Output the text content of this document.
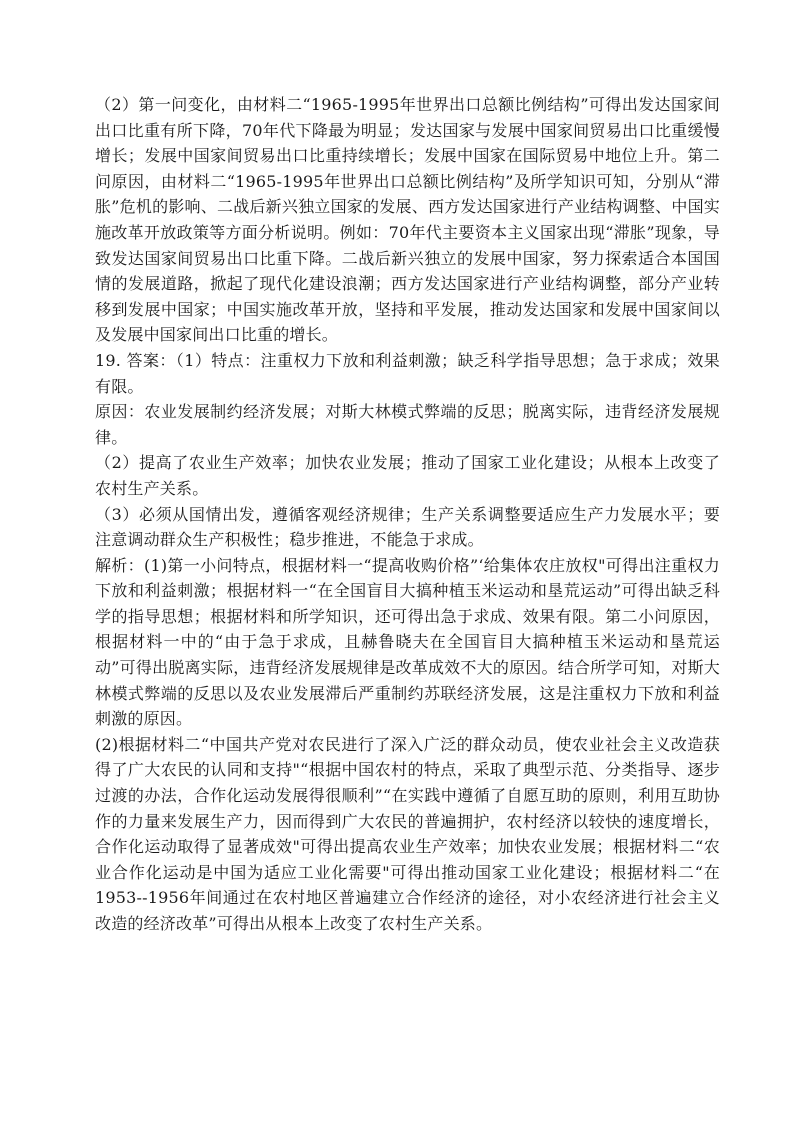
（2）第一问变化，由材料二“1965-1995年世界出口总额比例结构”可得出发达国家间出口比重有所下降，70年代下降最为明显；发达国家与发展中国家间贸易出口比重缓慢增长；发展中国家间贸易出口比重持续增长；发展中国家在国际贸易中地位上升。第二问原因，由材料二“1965-1995年世界出口总额比例结构”及所学知识可知，分别从“滞胀”危机的影响、二战后新兴独立国家的发展、西方发达国家进行产业结构调整、中国实施改革开放政策等方面分析说明。例如：70年代主要资本主义国家出现“滞胀”现象，导致发达国家间贸易出口比重下降。二战后新兴独立的发展中国家，努力探索适合本国国情的发展道路，掀起了现代化建设浪潮；西方发达国家进行产业结构调整，部分产业转移到发展中国家；中国实施改革开放，坚持和平发展，推动发达国家和发展中国家间以及发展中国家间出口比重的增长。

19. 答案：（1）特点：注重权力下放和利益刺激；缺乏科学指导思想；急于求成；效果有限。

原因：农业发展制约经济发展；对斯大林模式弊端的反思；脱离实际，违背经济发展规律。

（2）提高了农业生产效率；加快农业发展；推动了国家工业化建设；从根本上改变了农村生产关系。

（3）必须从国情出发，遵循客观经济规律；生产关系调整要适应生产力发展水平；要注意调动群众生产积极性；稳步推进，不能急于求成。

解析：(1)第一小问特点，根据材料一“提高收购价格”‘给集体农庄放权"可得出注重权力下放和利益刺激；根据材料一“在全国盲目大搞种植玉米运动和垦荒运动”可得出缺乏科学的指导思想；根据材料和所学知识，还可得出急于求成、效果有限。第二小问原因，根据材料一中的“由于急于求成，且赫鲁晓夫在全国盲目大搞种植玉米运动和垦荒运动”可得出脱离实际，违背经济发展规律是改革成效不大的原因。结合所学可知，对斯大林模式弊端的反思以及农业发展滞后严重制约苏联经济发展，这是注重权力下放和利益刺激的原因。

(2)根据材料二“中国共产党对农民进行了深入广泛的群众动员，使农业社会主义改造获得了广大农民的认同和支持"“根据中国农村的特点，采取了典型示范、分类指导、逐步过渡的办法，合作化运动发展得很顺利”“在实践中遵循了自愿互助的原则，利用互助协作的力量来发展生产力，因而得到广大农民的普遍拥护，农村经济以较快的速度增长，合作化运动取得了显著成效"可得出提高农业生产效率；加快农业发展；根据材料二“农业合作化运动是中国为适应工业化需要"可得出推动国家工业化建设；根据材料二“在1953--1956年间通过在农村地区普遍建立合作经济的途径，对小农经济进行社会主义改造的经济改革”可得出从根本上改变了农村生产关系。
